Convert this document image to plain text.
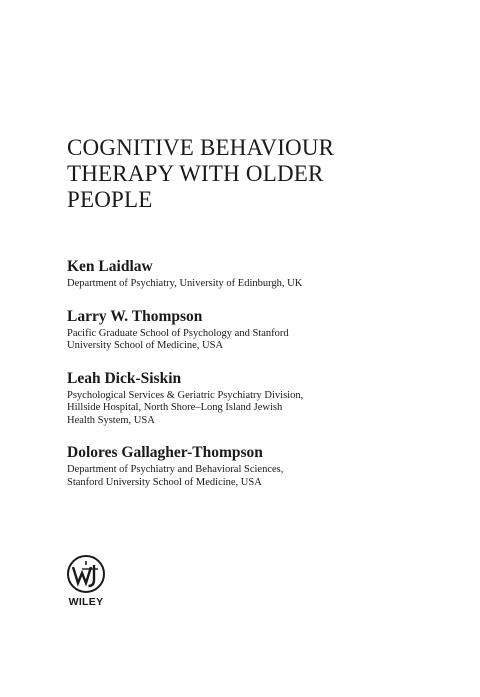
COGNITIVE BEHAVIOUR
THERAPY WITH OLDER
PEOPLE
Ken Laidlaw
Department of Psychiatry, University of Edinburgh, UK
Larry W. Thompson
Pacific Graduate School of Psychology and Stanford
University School of Medicine, USA
Leah Dick-Siskin
Psychological Services & Geriatric Psychiatry Division,
Hillside Hospital, North Shore–Long Island Jewish
Health System, USA
Dolores Gallagher-Thompson
Department of Psychiatry and Behavioral Sciences,
Stanford University School of Medicine, USA
WILEY
